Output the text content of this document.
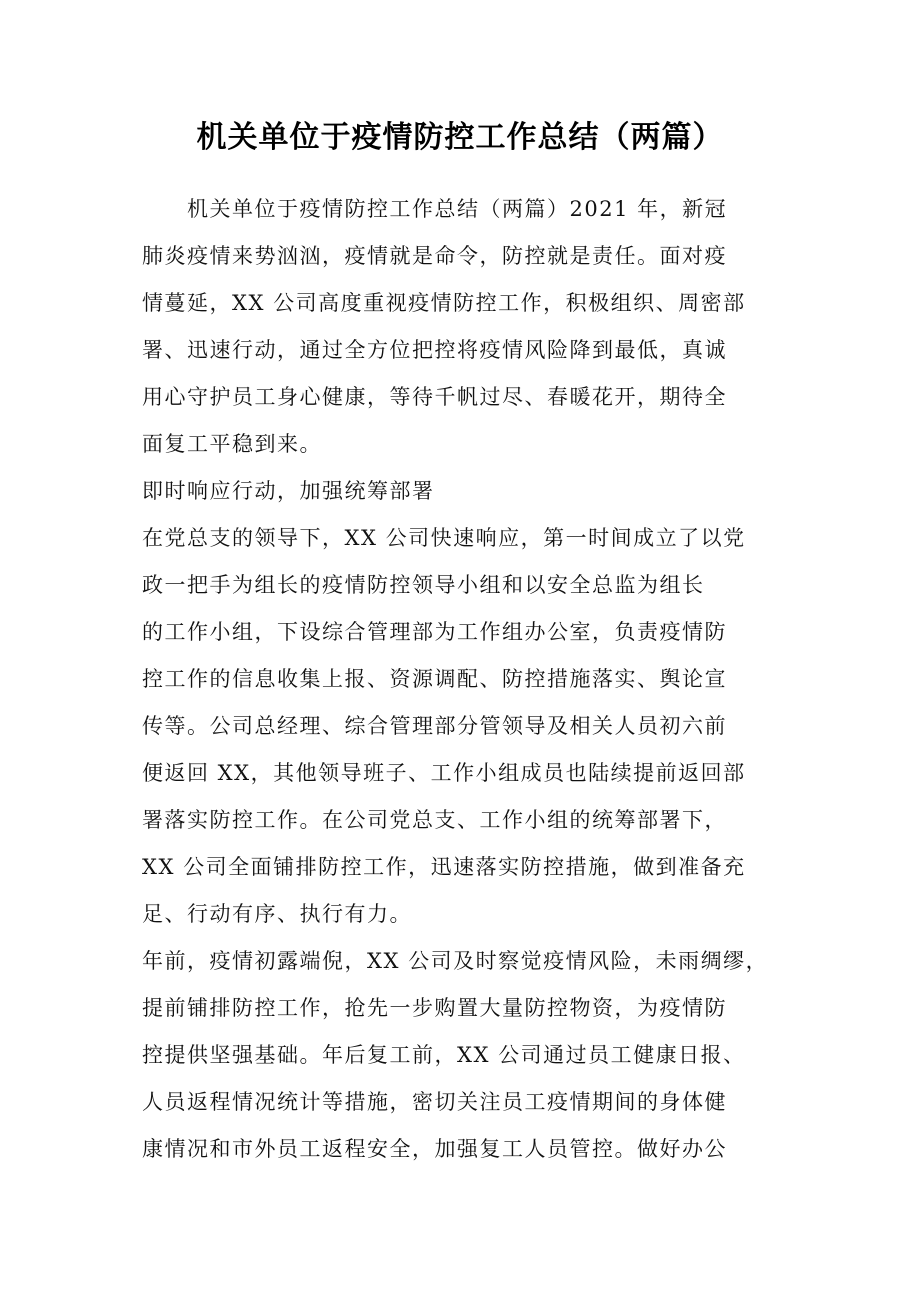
机关单位于疫情防控工作总结（两篇）
　　机关单位于疫情防控工作总结（两篇）2021 年，新冠
肺炎疫情来势汹汹，疫情就是命令，防控就是责任。面对疫
情蔓延，XX 公司高度重视疫情防控工作，积极组织、周密部
署、迅速行动，通过全方位把控将疫情风险降到最低，真诚
用心守护员工身心健康，等待千帆过尽、春暖花开，期待全
面复工平稳到来。
即时响应行动，加强统筹部署
在党总支的领导下，XX 公司快速响应，第一时间成立了以党
政一把手为组长的疫情防控领导小组和以安全总监为组长
的工作小组，下设综合管理部为工作组办公室，负责疫情防
控工作的信息收集上报、资源调配、防控措施落实、舆论宣
传等。公司总经理、综合管理部分管领导及相关人员初六前
便返回 XX，其他领导班子、工作小组成员也陆续提前返回部
署落实防控工作。在公司党总支、工作小组的统筹部署下，
XX 公司全面铺排防控工作，迅速落实防控措施，做到准备充
足、行动有序、执行有力。
年前，疫情初露端倪，XX 公司及时察觉疫情风险，未雨绸缪，
提前铺排防控工作，抢先一步购置大量防控物资，为疫情防
控提供坚强基础。年后复工前，XX 公司通过员工健康日报、
人员返程情况统计等措施，密切关注员工疫情期间的身体健
康情况和市外员工返程安全，加强复工人员管控。做好办公
